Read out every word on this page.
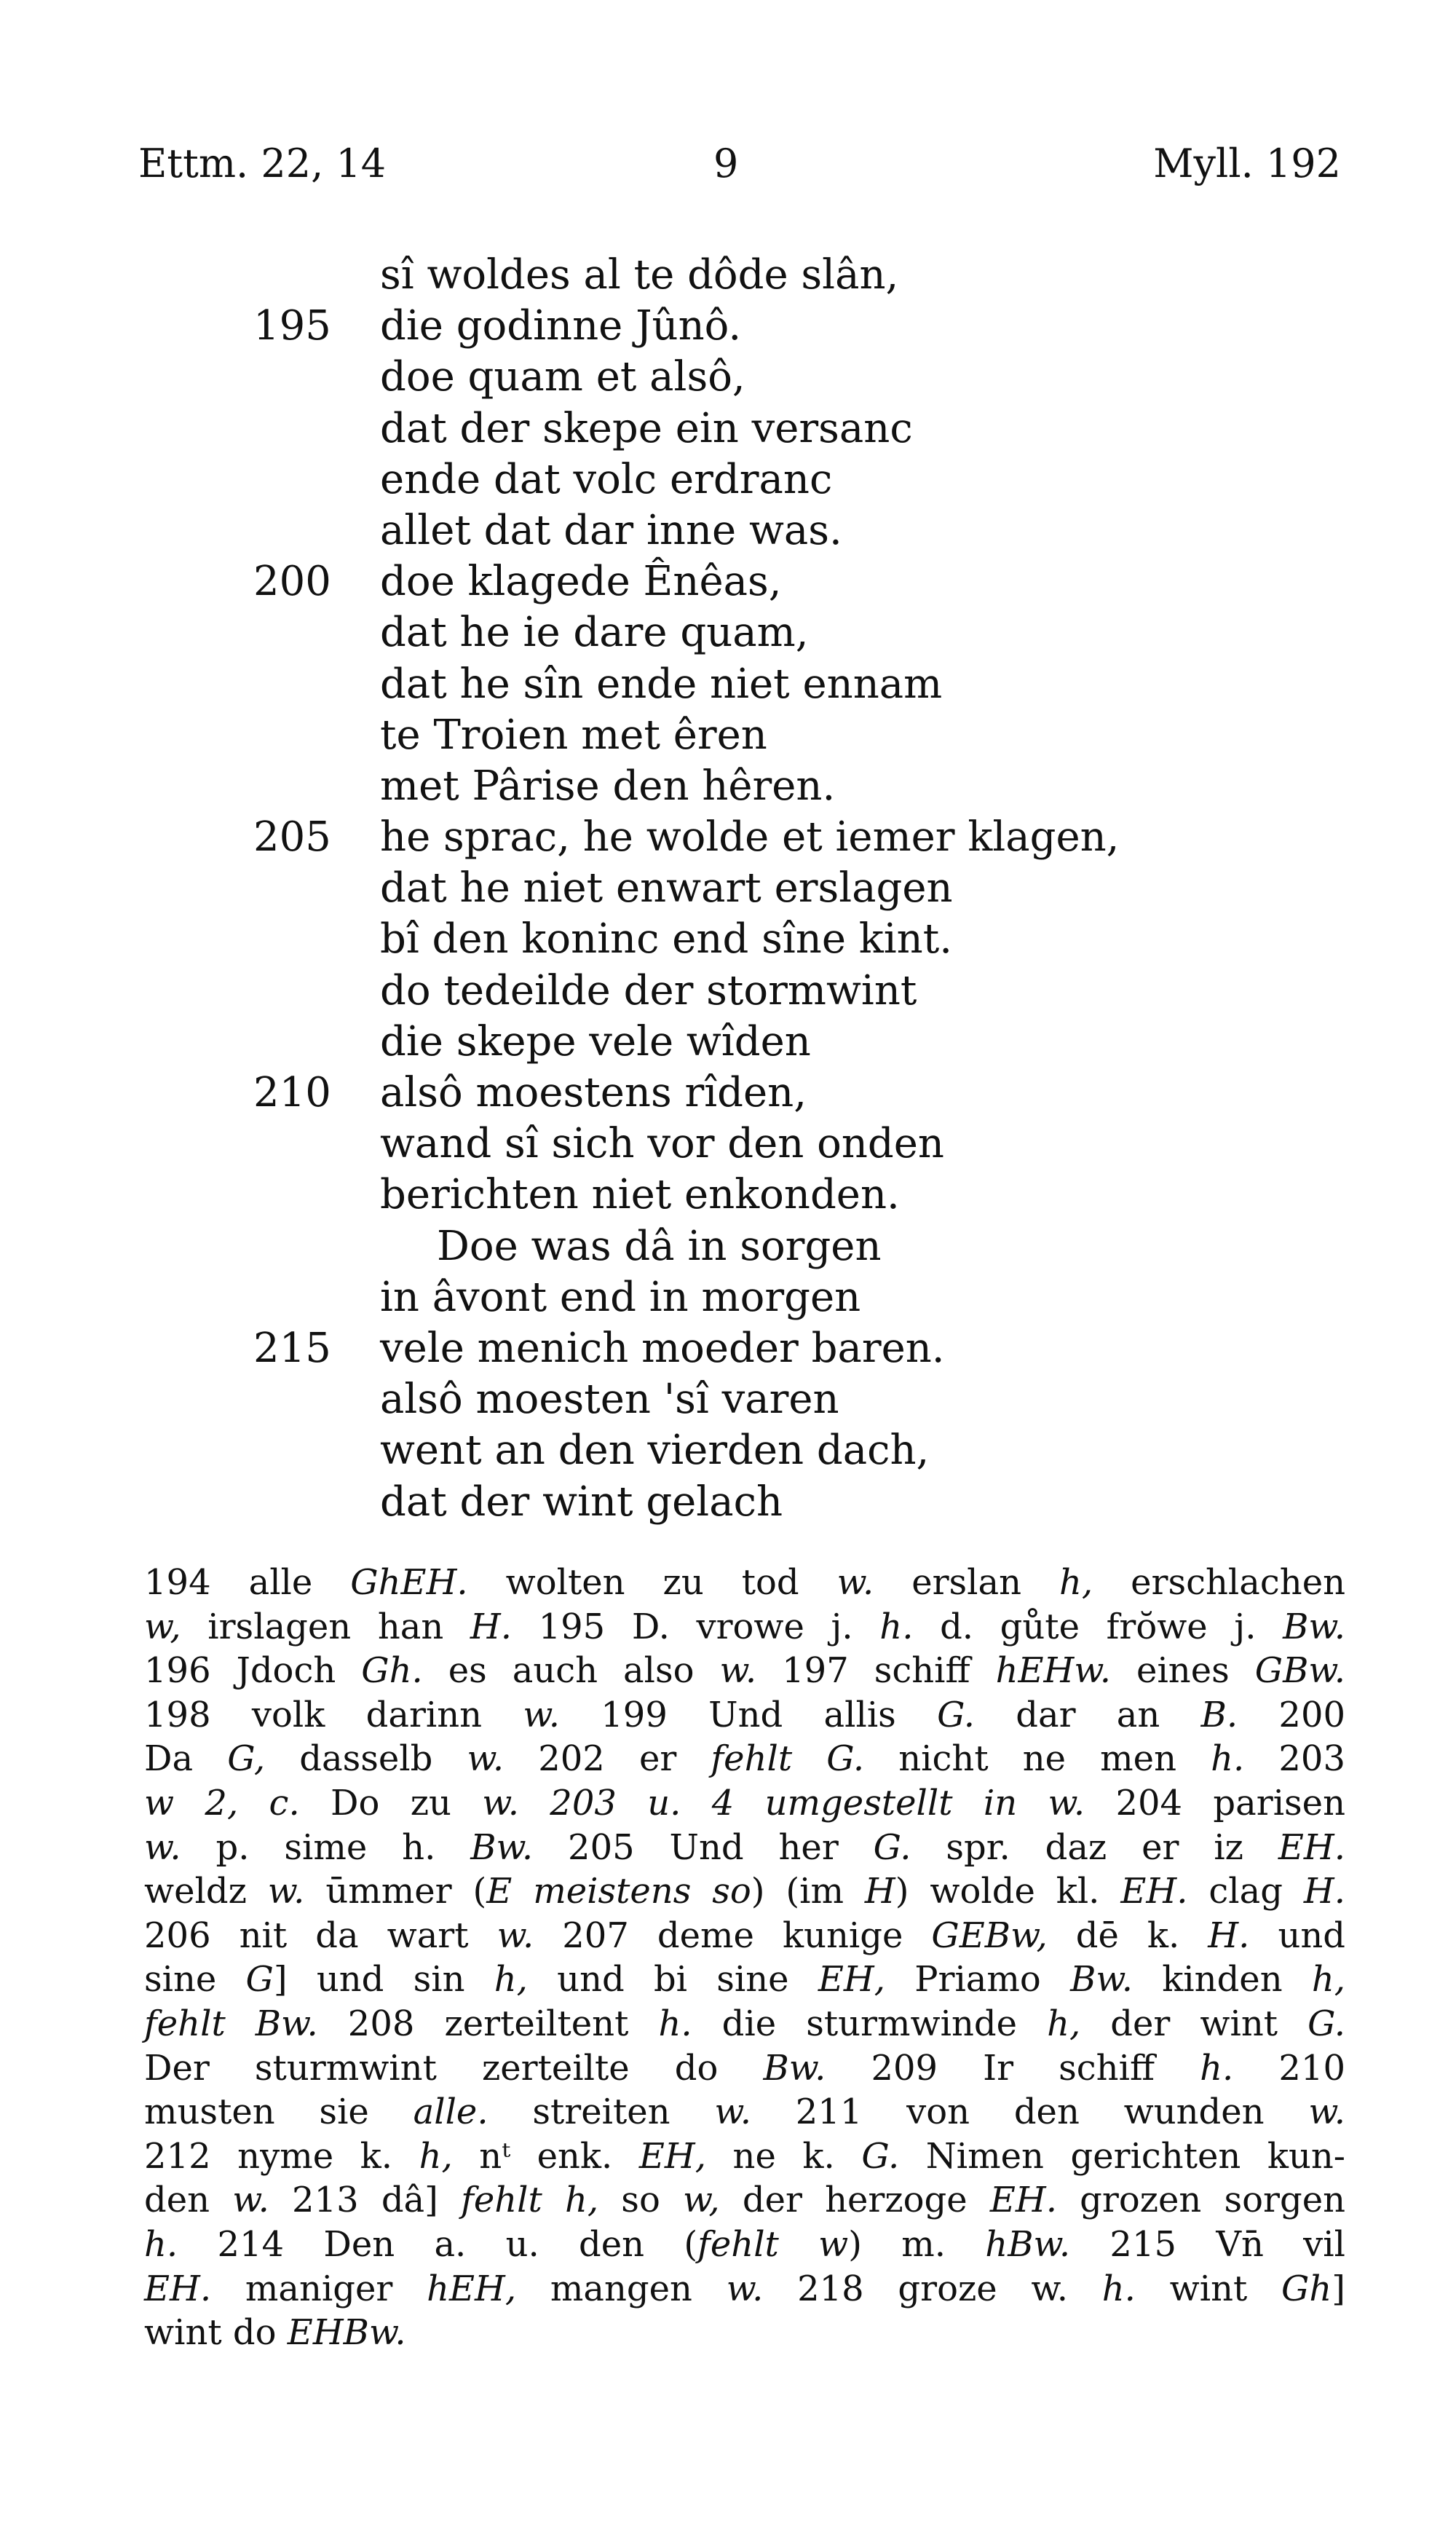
Ettm. 22, 14	9	Myll. 192
sî woldes al te dôde slân,
195 die godinne Jûnô.
doe quam et alsô,
dat der skepe ein versanc
ende dat volc erdranc
allet dat dar inne was.
200 doe klagede Ênêas,
dat he ie dare quam,
dat he sîn ende niet ennam
te Troien met êren
met Pârise den hêren.
205 he sprac, he wolde et iemer klagen,
dat he niet enwart erslagen
bî den koninc end sîne kint.
do tedeilde der stormwint
die skepe vele wîden
210 alsô moestens rîden,
wand sî sich vor den onden
berichten niet enkonden.
Doe was dâ in sorgen
in âvont end in morgen
215 vele menich moeder baren.
alsô moesten 'sî varen
went an den vierden dach,
dat der wint gelach
194 alle GhEH. wolten zu tod w. erslan h, erschlachen
w, irslagen han H. 195 D. vrowe j. h. d. gůte frŏwe j. Bw.
196 Jdoch Gh. es auch also w. 197 schiff hEHw. eines GBw.
198 volk darinn w. 199 Und allis G. dar an B. 200
Da G, dasselb w. 202 er fehlt G. nicht ne men h. 203
w 2, c. Do zu w. 203 u. 4 umgestellt in w. 204 parisen
w. p. sime h. Bw. 205 Und her G. spr. daz er iz EH.
weldz w. ūmmer (E meistens so) (im H) wolde kl. EH. clag H.
206 nit da wart w. 207 deme kunige GEBw, dē k. H. und
sine G] und sin h, und bi sine EH, Priamo Bw. kinden h,
fehlt Bw. 208 zerteiltent h. die sturmwinde h, der wint G.
Der sturmwint zerteilte do Bw. 209 Ir schiff h. 210
musten sie alle. streiten w. 211 von den wunden w.
212 nyme k. h, nᵗ enk. EH, ne k. G. Nimen gerichten kun-
den w. 213 dâ] fehlt h, so w, der herzoge EH. grozen sorgen
h. 214 Den a. u. den (fehlt w) m. hBw. 215 Vn̄ vil
EH. maniger hEH, mangen w. 218 groze w. h. wint Gh]
wint do EHBw.
